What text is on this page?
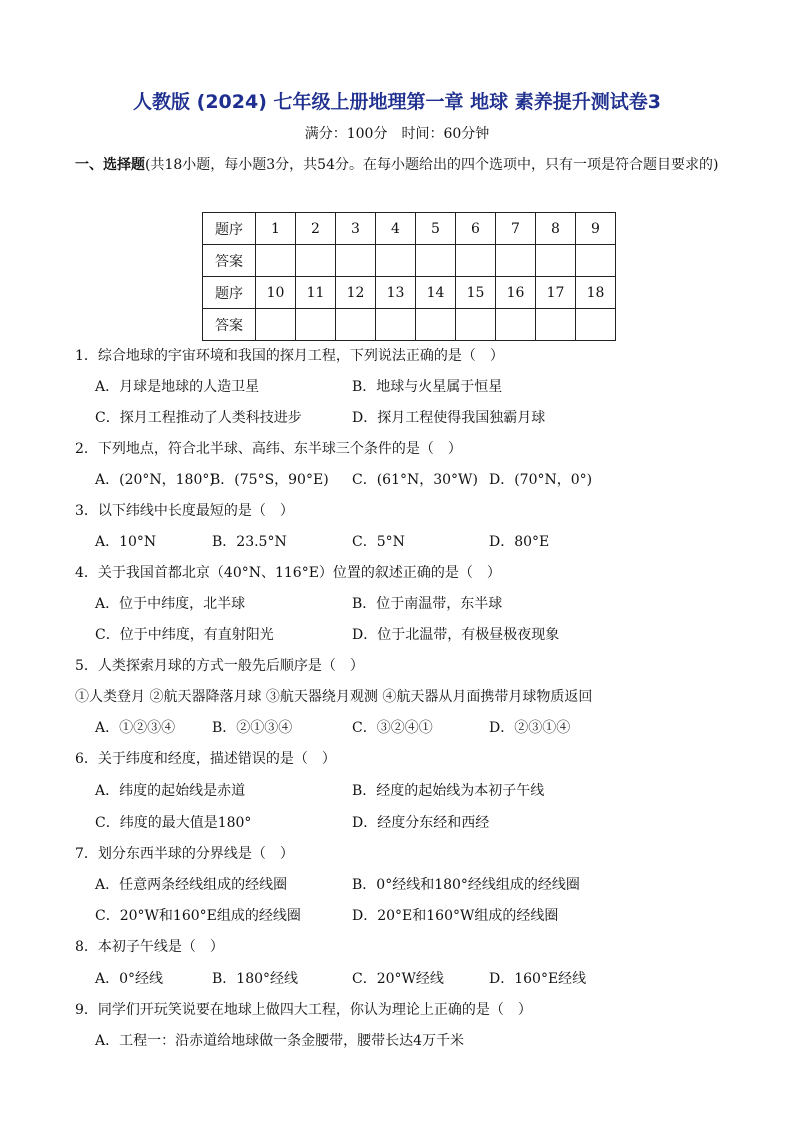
人教版 (2024) 七年级上册地理第一章 地球 素养提升测试卷3
满分：100分　时间：60分钟
一、选择题(共18小题，每小题3分，共54分。在每小题给出的四个选项中，只有一项是符合题目要求的)
题序	1	2	3	4	5	6	7	8	9
答案									
题序	10	11	12	13	14	15	16	17	18
答案									
1．综合地球的宇宙环境和我国的探月工程，下列说法正确的是（　）
A．月球是地球的人造卫星	B．地球与火星属于恒星
C．探月工程推动了人类科技进步	D．探月工程使得我国独霸月球
2．下列地点，符合北半球、高纬、东半球三个条件的是（　）
A．(20°N，180°)
B．(75°S，90°E) C．(61°N，30°W) D．(70°N，0°)
3．以下纬线中长度最短的是（　）
A．10°N	B．23.5°N	C．5°N	D．80°E
4．关于我国首都北京（40°N、116°E）位置的叙述正确的是（　）
A．位于中纬度，北半球	B．位于南温带，东半球
C．位于中纬度，有直射阳光	D．位于北温带，有极昼极夜现象
5．人类探索月球的方式一般先后顺序是（　）
①人类登月 ②航天器降落月球 ③航天器绕月观测 ④航天器从月面携带月球物质返回
A．①②③④	B．②①③④	C．③②④①	D．②③①④
6．关于纬度和经度，描述错误的是（　）
A．纬度的起始线是赤道	B．经度的起始线为本初子午线
C．纬度的最大值是180°	D．经度分东经和西经
7．划分东西半球的分界线是（　）
A．任意两条经线组成的经线圈	B．0°经线和180°经线组成的经线圈
C．20°W和160°E组成的经线圈	D．20°E和160°W组成的经线圈
8．本初子午线是（　）
A．0°经线	B．180°经线	C．20°W经线	D．160°E经线
9．同学们开玩笑说要在地球上做四大工程，你认为理论上正确的是（　）
A．工程一：沿赤道给地球做一条金腰带，腰带长达4万千米
